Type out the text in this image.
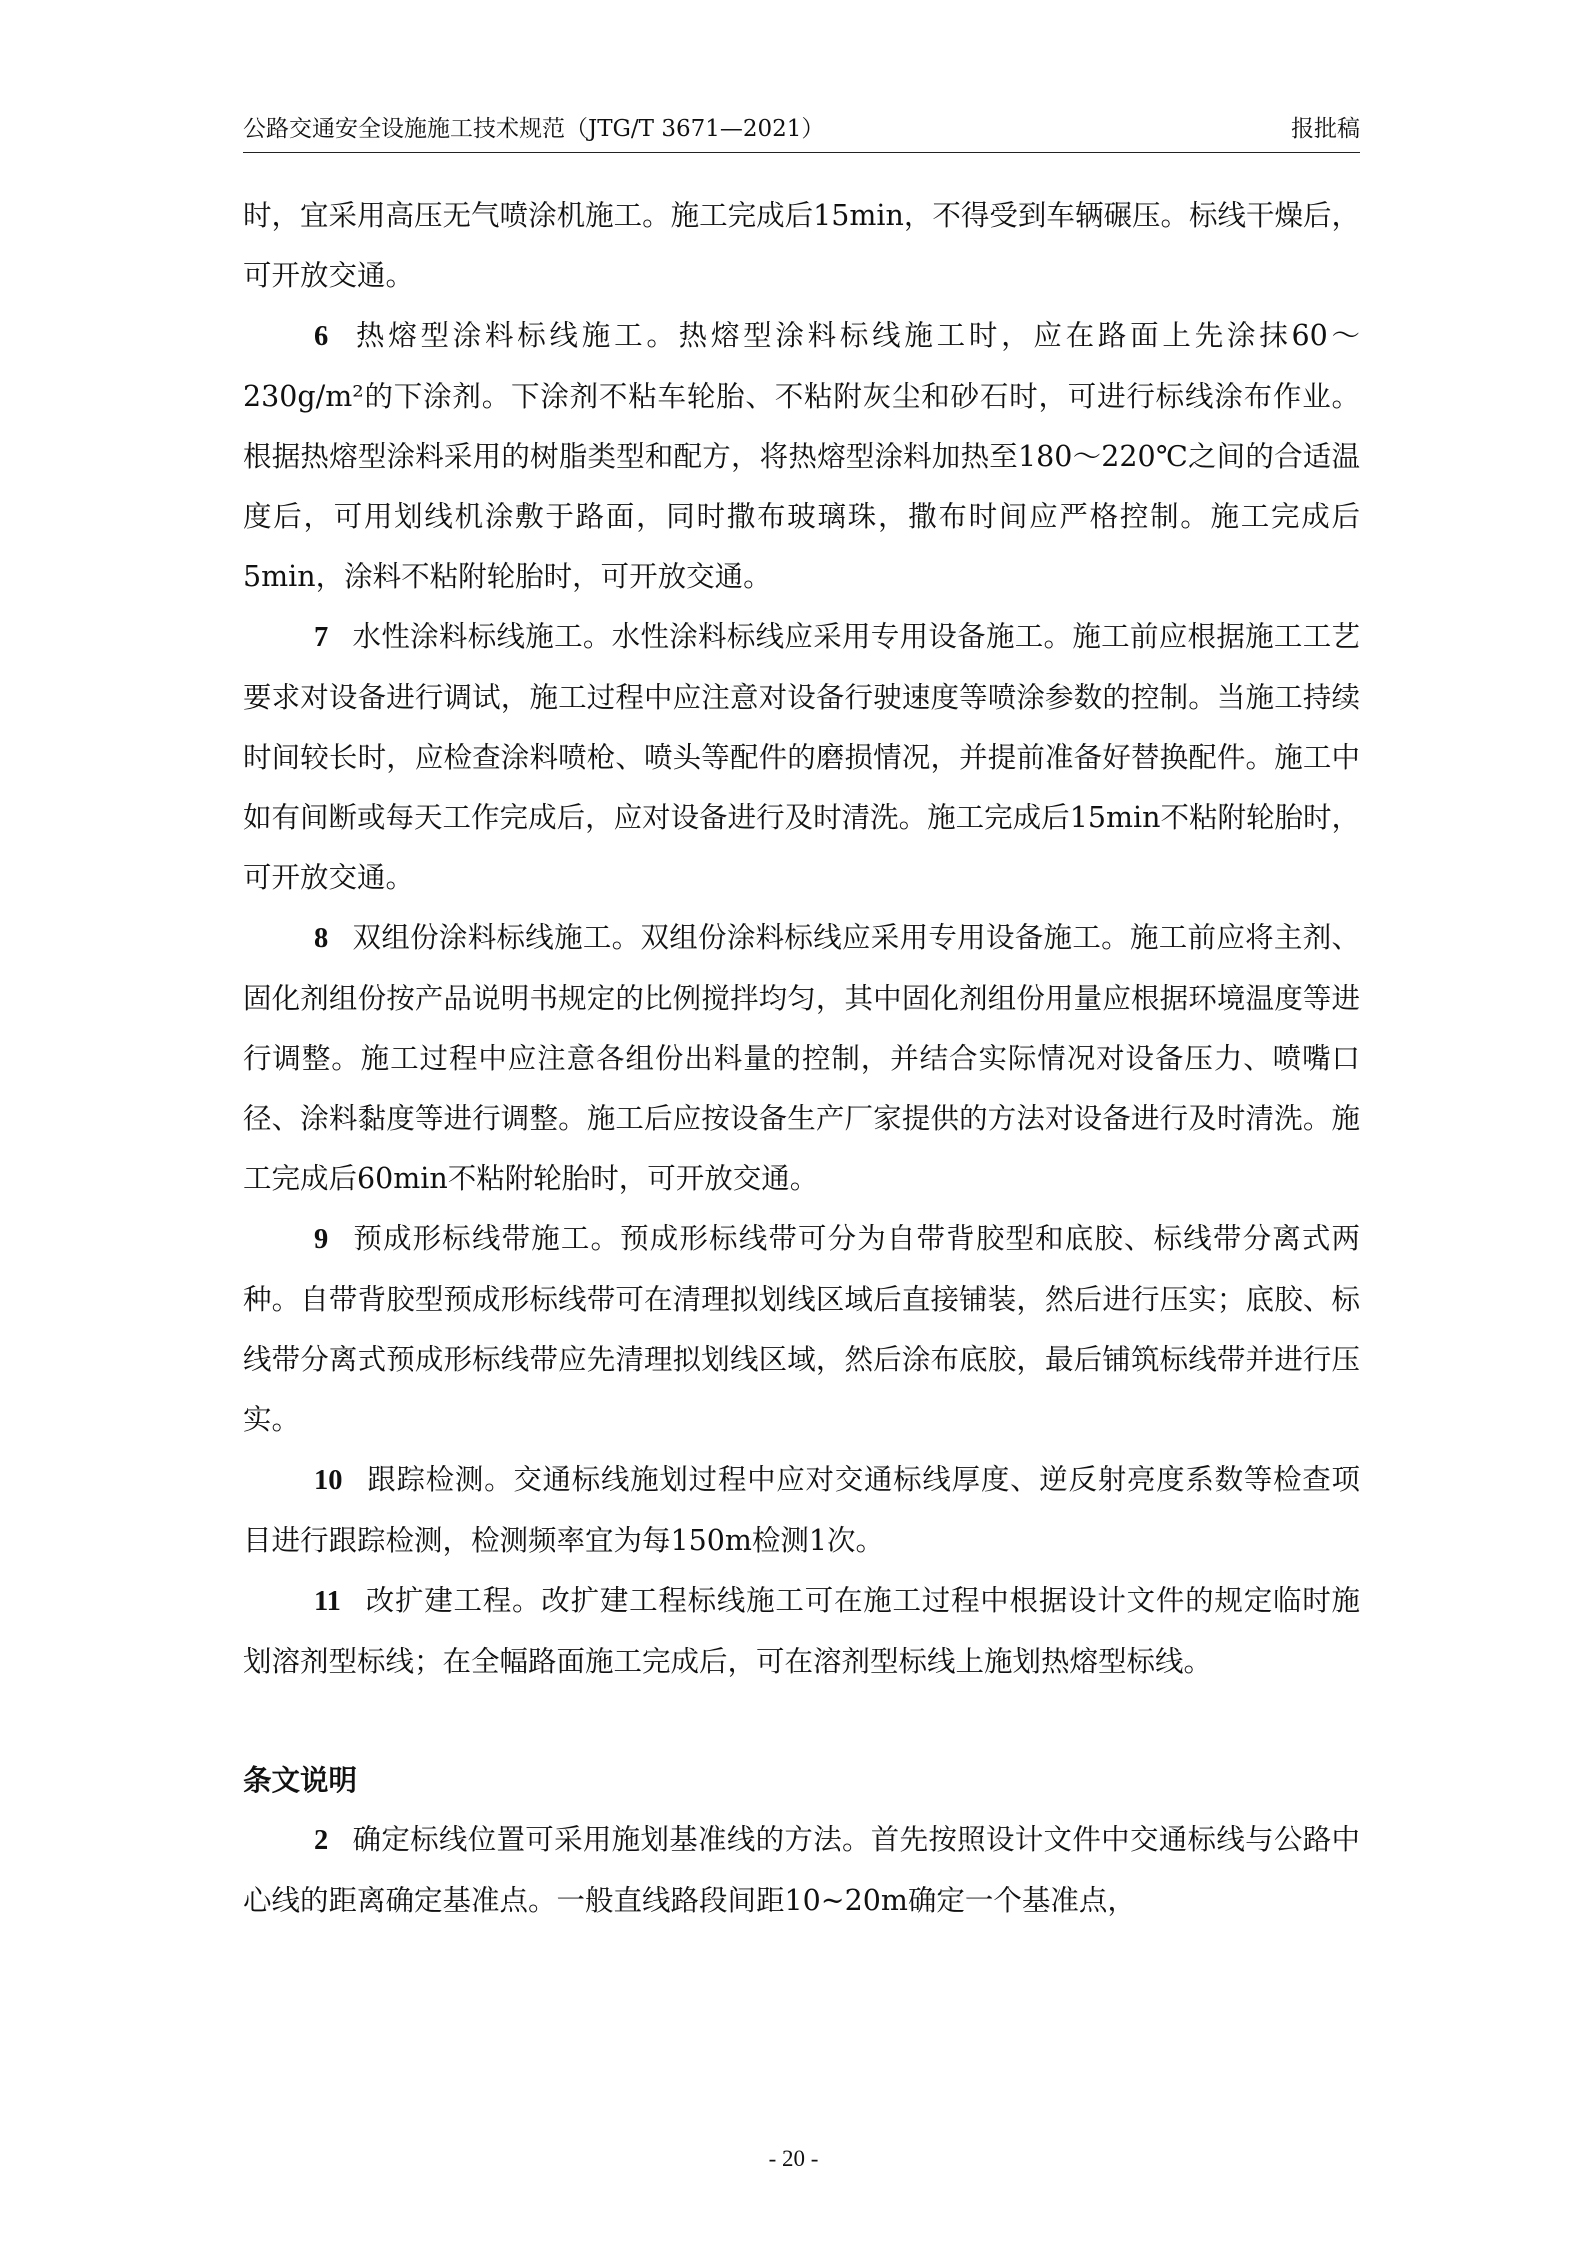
公路交通安全设施施工技术规范（JTG/T 3671—2021）	报批稿

时，宜采用高压无气喷涂机施工。施工完成后15min，不得受到车辆碾压。标线干燥后，可开放交通。

6 热熔型涂料标线施工。热熔型涂料标线施工时，应在路面上先涂抹60～230g/m²的下涂剂。下涂剂不粘车轮胎、不粘附灰尘和砂石时，可进行标线涂布作业。根据热熔型涂料采用的树脂类型和配方，将热熔型涂料加热至180～220℃之间的合适温度后，可用划线机涂敷于路面，同时撒布玻璃珠，撒布时间应严格控制。施工完成后5min，涂料不粘附轮胎时，可开放交通。

7 水性涂料标线施工。水性涂料标线应采用专用设备施工。施工前应根据施工工艺要求对设备进行调试，施工过程中应注意对设备行驶速度等喷涂参数的控制。当施工持续时间较长时，应检查涂料喷枪、喷头等配件的磨损情况，并提前准备好替换配件。施工中如有间断或每天工作完成后，应对设备进行及时清洗。施工完成后15min不粘附轮胎时，可开放交通。

8 双组份涂料标线施工。双组份涂料标线应采用专用设备施工。施工前应将主剂、固化剂组份按产品说明书规定的比例搅拌均匀，其中固化剂组份用量应根据环境温度等进行调整。施工过程中应注意各组份出料量的控制，并结合实际情况对设备压力、喷嘴口径、涂料黏度等进行调整。施工后应按设备生产厂家提供的方法对设备进行及时清洗。施工完成后60min不粘附轮胎时，可开放交通。

9 预成形标线带施工。预成形标线带可分为自带背胶型和底胶、标线带分离式两种。自带背胶型预成形标线带可在清理拟划线区域后直接铺装，然后进行压实；底胶、标线带分离式预成形标线带应先清理拟划线区域，然后涂布底胶，最后铺筑标线带并进行压实。

10 跟踪检测。交通标线施划过程中应对交通标线厚度、逆反射亮度系数等检查项目进行跟踪检测，检测频率宜为每150m检测1次。

11 改扩建工程。改扩建工程标线施工可在施工过程中根据设计文件的规定临时施划溶剂型标线；在全幅路面施工完成后，可在溶剂型标线上施划热熔型标线。

条文说明

2 确定标线位置可采用施划基准线的方法。首先按照设计文件中交通标线与公路中心线的距离确定基准点。一般直线路段间距10~20m确定一个基准点，

- 20 -
